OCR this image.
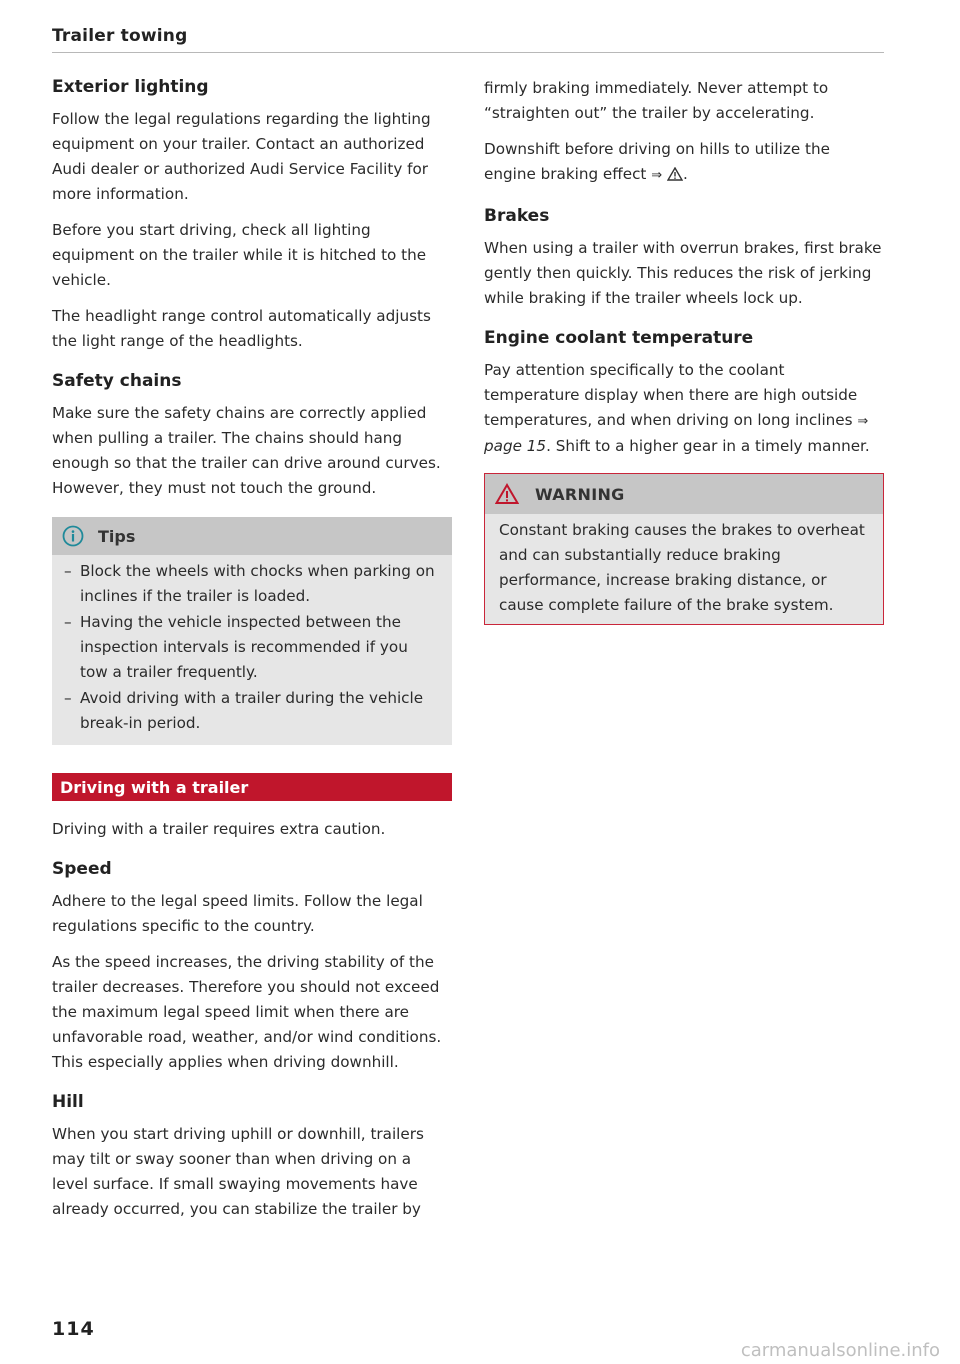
Trailer towing
Exterior lighting

Follow the legal regulations regarding the lighting equipment on your trailer. Contact an authorized Audi dealer or authorized Audi Service Facility for more information.

Before you start driving, check all lighting equipment on the trailer while it is hitched to the vehicle.

The headlight range control automatically adjusts the light range of the headlights.

Safety chains

Make sure the safety chains are correctly applied when pulling a trailer. The chains should hang enough so that the trailer can drive around curves. However, they must not touch the ground.

Tips
– Block the wheels with chocks when parking on inclines if the trailer is loaded.
– Having the vehicle inspected between the inspection intervals is recommended if you tow a trailer frequently.
– Avoid driving with a trailer during the vehicle break-in period.
Driving with a trailer

Driving with a trailer requires extra caution.

Speed

Adhere to the legal speed limits. Follow the legal regulations specific to the country.

As the speed increases, the driving stability of the trailer decreases. Therefore you should not exceed the maximum legal speed limit when there are unfavorable road, weather, and/or wind conditions. This especially applies when driving downhill.

Hill

When you start driving uphill or downhill, trailers may tilt or sway sooner than when driving on a level surface. If small swaying movements have already occurred, you can stabilize the trailer by

firmly braking immediately. Never attempt to “straighten out” the trailer by accelerating.

Downshift before driving on hills to utilize the engine braking effect ⇒ .

Brakes

When using a trailer with overrun brakes, first brake gently then quickly. This reduces the risk of jerking while braking if the trailer wheels lock up.

Engine coolant temperature

Pay attention specifically to the coolant temperature display when there are high outside temperatures, and when driving on long inclines ⇒ page 15. Shift to a higher gear in a timely manner.

WARNING
Constant braking causes the brakes to overheat and can substantially reduce braking performance, increase braking distance, or cause complete failure of the brake system.
114
carmanualsonline.info
